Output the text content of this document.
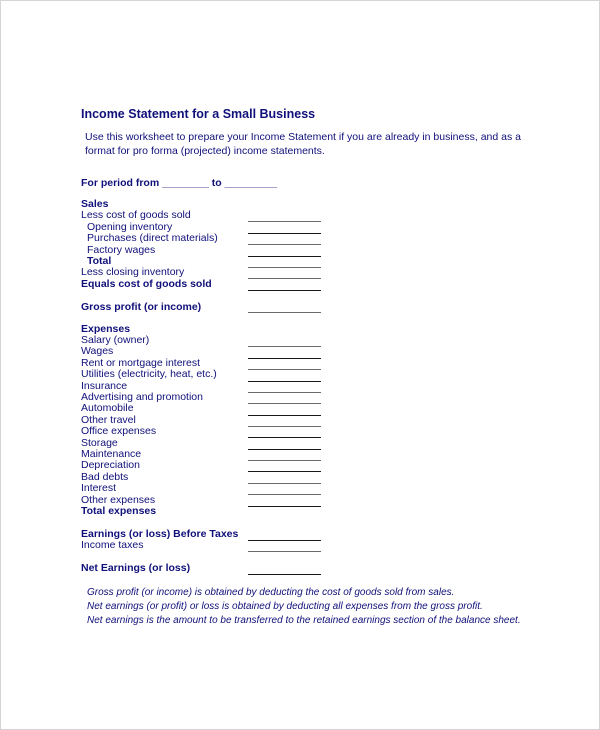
Income Statement for a Small Business
Use this worksheet to prepare your Income Statement if you are already in business, and as a format for pro forma (projected) income statements.
For period from ________ to _________
Sales
Less cost of goods sold
Opening inventory
Purchases (direct materials)
Factory wages
Total
Less closing inventory
Equals cost of goods sold
Gross profit (or income)
Expenses
Salary (owner)
Wages
Rent or mortgage interest
Utilities (electricity, heat, etc.)
Insurance
Advertising and promotion
Automobile
Other travel
Office expenses
Storage
Maintenance
Depreciation
Bad debts
Interest
Other expenses
Total expenses
Earnings (or loss) Before Taxes
Income taxes
Net Earnings (or loss)
Gross profit (or income) is obtained by deducting the cost of goods sold from sales.
Net earnings (or profit) or loss is obtained by deducting all expenses from the gross profit.
Net earnings is the amount to be transferred to the retained earnings section of the balance sheet.
